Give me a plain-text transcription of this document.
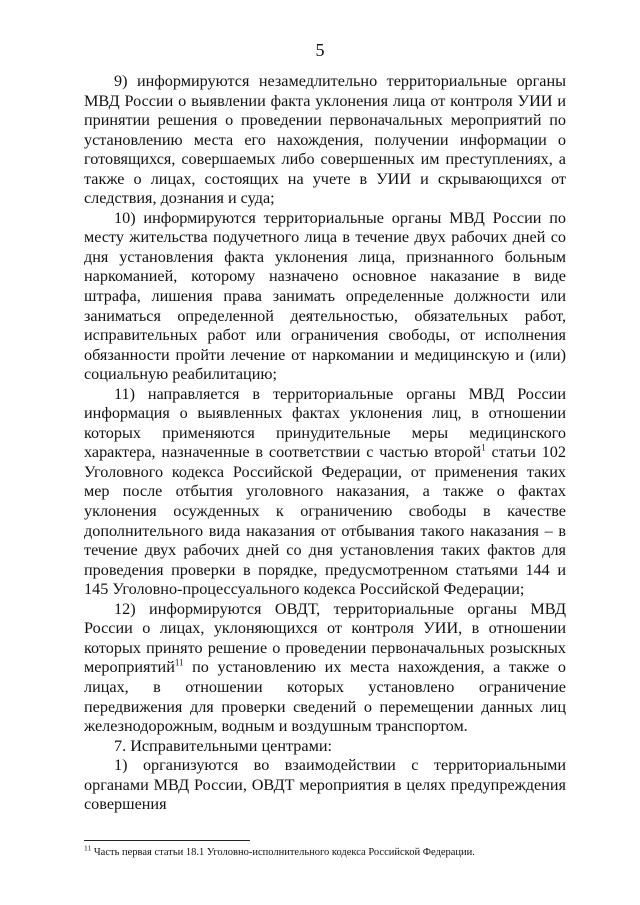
5

9) информируются незамедлительно территориальные органы МВД России о выявлении факта уклонения лица от контроля УИИ и принятии решения о проведении первоначальных мероприятий по установлению места его нахождения, получении информации о готовящихся, совершаемых либо совершенных им преступлениях, а также о лицах, состоящих на учете в УИИ и скрывающихся от следствия, дознания и суда;

10) информируются территориальные органы МВД России по месту жительства подучетного лица в течение двух рабочих дней со дня установления факта уклонения лица, признанного больным наркоманией, которому назначено основное наказание в виде штрафа, лишения права занимать определенные должности или заниматься определенной деятельностью, обязательных работ, исправительных работ или ограничения свободы, от исполнения обязанности пройти лечение от наркомании и медицинскую и (или) социальную реабилитацию;

11) направляется в территориальные органы МВД России информация о выявленных фактах уклонения лиц, в отношении которых применяются принудительные меры медицинского характера, назначенные в соответствии с частью второй$^1$ статьи 102 Уголовного кодекса Российской Федерации, от применения таких мер после отбытия уголовного наказания, а также о фактах уклонения осужденных к ограничению свободы в качестве дополнительного вида наказания от отбывания такого наказания – в течение двух рабочих дней со дня установления таких фактов для проведения проверки в порядке, предусмотренном статьями 144 и 145 Уголовно-процессуального кодекса Российской Федерации;

12) информируются ОВДТ, территориальные органы МВД России о лицах, уклоняющихся от контроля УИИ, в отношении которых принято решение о проведении первоначальных розыскных мероприятий$^{11}$ по установлению их места нахождения, а также о лицах, в отношении которых установлено ограничение передвижения для проверки сведений о перемещении данных лиц железнодорожным, водным и воздушным транспортом.

7. Исправительными центрами:

1) организуются во взаимодействии с территориальными органами МВД России, ОВДТ мероприятия в целях предупреждения совершения

$^{11}$ Часть первая статьи 18.1 Уголовно-исполнительного кодекса Российской Федерации.
